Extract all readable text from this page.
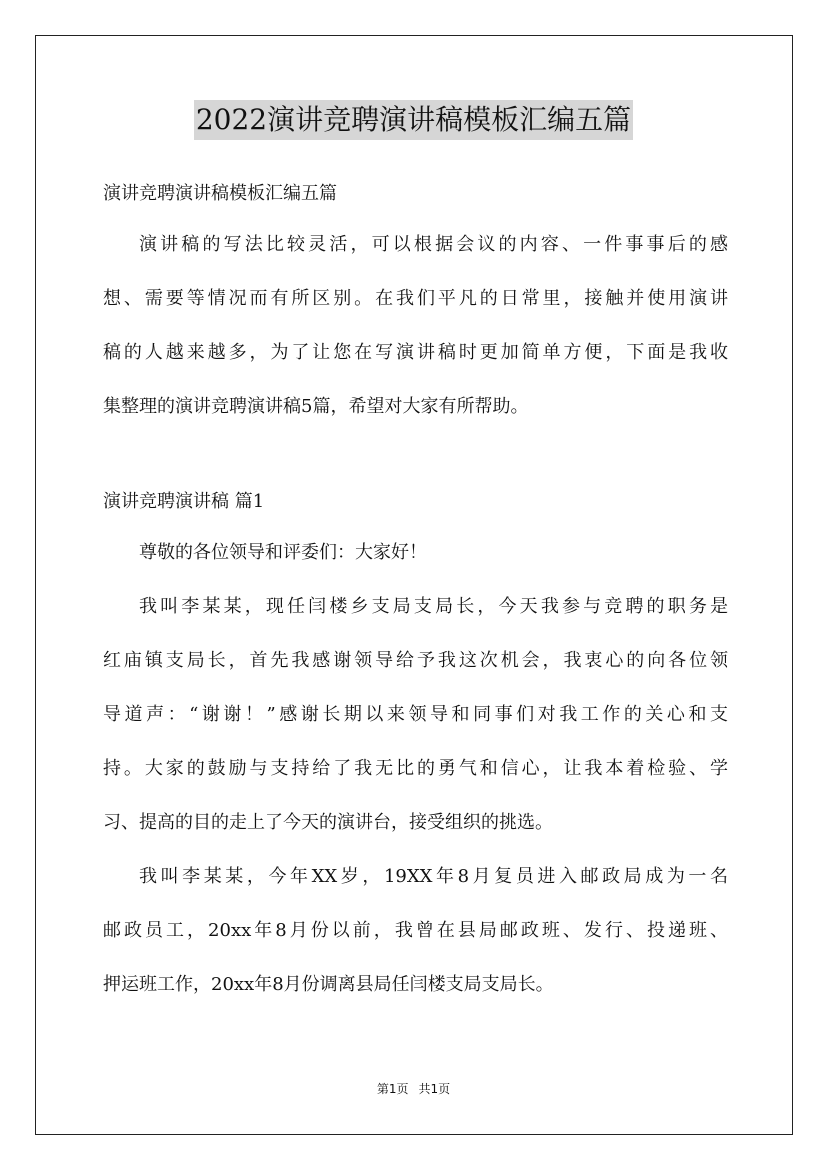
2022演讲竞聘演讲稿模板汇编五篇

演讲竞聘演讲稿模板汇编五篇

演讲稿的写法比较灵活，可以根据会议的内容、一件事事后的感

想、需要等情况而有所区别。在我们平凡的日常里，接触并使用演讲

稿的人越来越多，为了让您在写演讲稿时更加简单方便，下面是我收

集整理的演讲竞聘演讲稿5篇，希望对大家有所帮助。

演讲竞聘演讲稿 篇1

尊敬的各位领导和评委们：大家好！

我叫李某某，现任闫楼乡支局支局长，今天我参与竞聘的职务是

红庙镇支局长，首先我感谢领导给予我这次机会，我衷心的向各位领

导道声：“谢谢！”感谢长期以来领导和同事们对我工作的关心和支

持。大家的鼓励与支持给了我无比的勇气和信心，让我本着检验、学

习、提高的目的走上了今天的演讲台，接受组织的挑选。

我叫李某某，今年XX岁，19XX年8月复员进入邮政局成为一名

邮政员工，20xx年8月份以前，我曾在县局邮政班、发行、投递班、

押运班工作，20xx年8月份调离县局任闫楼支局支局长。

第1页 共1页
